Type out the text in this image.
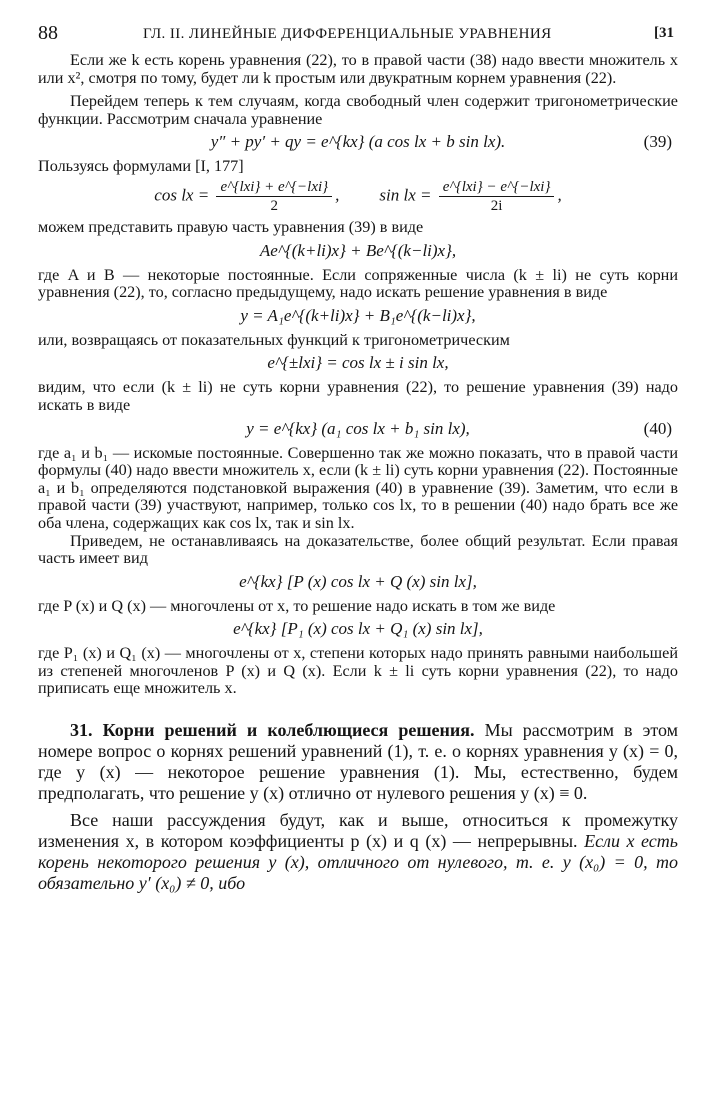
88	ГЛ. II. ЛИНЕЙНЫЕ ДИФФЕРЕНЦИАЛЬНЫЕ УРАВНЕНИЯ	[31

Если же k есть корень уравнения (22), то в правой части (38) надо ввести множитель x или x², смотря по тому, будет ли k простым или двукратным корнем уравнения (22).

Перейдем теперь к тем случаям, когда свободный член содержит тригонометрические функции. Рассмотрим сначала уравнение

y″ + py′ + qy = e^{kx} (a cos lx + b sin lx).	(39)

Пользуясь формулами [I, 177]

cos lx = $\frac{\text{e\textasciicircum{}\{lxi\} + e\textasciicircum{}\{−lxi\}}}{2}$ , sin lx = $\frac{\text{e\textasciicircum{}\{lxi\} − e\textasciicircum{}\{−lxi\}}}{2i}$ ,

можем представить правую часть уравнения (39) в виде

Ae^{(k+li)x} + Be^{(k−li)x},

где A и B — некоторые постоянные. Если сопряженные числа (k ± li) не суть корни уравнения (22), то, согласно предыдущему, надо искать решение уравнения в виде

y = A₁e^{(k+li)x} + B₁e^{(k−li)x},

или, возвращаясь от показательных функций к тригонометрическим

e^{±lxi} = cos lx ± i sin lx,

видим, что если (k ± li) не суть корни уравнения (22), то решение уравнения (39) надо искать в виде

y = e^{kx} (a₁ cos lx + b₁ sin lx),	(40)

где a₁ и b₁ — искомые постоянные. Совершенно так же можно показать, что в правой части формулы (40) надо ввести множитель x, если (k ± li) суть корни уравнения (22). Постоянные a₁ и b₁ определяются подстановкой выражения (40) в уравнение (39). Заметим, что если в правой части (39) участвуют, например, только cos lx, то в решении (40) надо брать все же оба члена, содержащих как cos lx, так и sin lx.

Приведем, не останавливаясь на доказательстве, более общий результат. Если правая часть имеет вид

e^{kx} [P (x) cos lx + Q (x) sin lx],

где P (x) и Q (x) — многочлены от x, то решение надо искать в том же виде

e^{kx} [P₁ (x) cos lx + Q₁ (x) sin lx],

где P₁ (x) и Q₁ (x) — многочлены от x, степени которых надо принять равными наибольшей из степеней многочленов P (x) и Q (x). Если k ± li суть корни уравнения (22), то надо приписать еще множитель x.

31. Корни решений и колеблющиеся решения. Мы рассмотрим в этом номере вопрос о корнях решений уравнений (1), т. е. о корнях уравнения y (x) = 0, где y (x) — некоторое решение уравнения (1). Мы, естественно, будем предполагать, что решение y (x) отлично от нулевого решения y (x) ≡ 0.

Все наши рассуждения будут, как и выше, относиться к промежутку изменения x, в котором коэффициенты p (x) и q (x) — непрерывны. Если x есть корень некоторого решения y (x), отличного от нулевого, т. е. y (x₀) = 0, то обязательно y′ (x₀) ≠ 0, ибо
